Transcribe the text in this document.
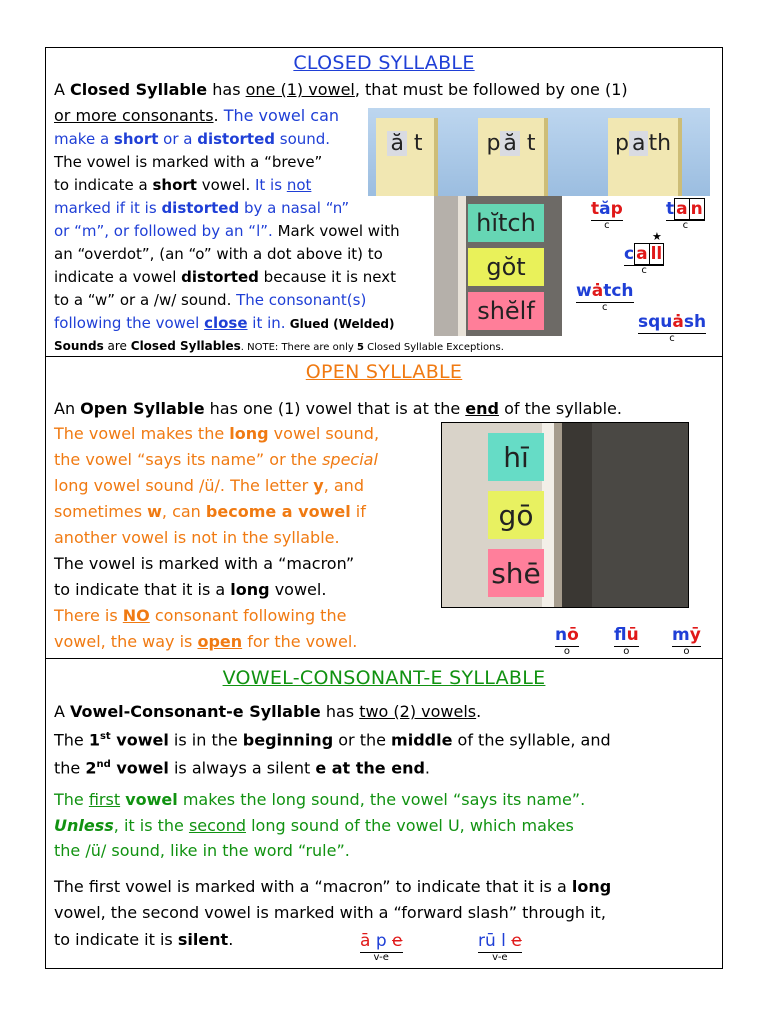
CLOSED SYLLABLE
A Closed Syllable has one (1) vowel, that must be followed by one (1)
or more consonants. The vowel can
make a short or a distorted sound.
The vowel is marked with a “breve”
to indicate a short vowel. It is not
marked if it is distorted by a nasal “n”
or “m”, or followed by an “l”. Mark vowel with
an “overdot”, (an “o” with a dot above it) to
indicate a vowel distorted because it is next
to a “w” or a /w/ sound. The consonant(s)
following the vowel close it in. Glued (Welded)
Sounds are Closed Syllables. NOTE: There are only 5 Closed Syllable Exceptions.
ă t	p ă t	p a th
hĭtch
gŏt
shĕlf
tăp
c
t a n
c
★
c a ll
c
wȧtch
c
squȧsh
c
OPEN SYLLABLE
An Open Syllable has one (1) vowel that is at the end of the syllable.
The vowel makes the long vowel sound,
the vowel “says its name” or the special
long vowel sound /ü/. The letter y, and
sometimes w, can become a vowel if
another vowel is not in the syllable.
The vowel is marked with a “macron”
to indicate that it is a long vowel.
There is NO consonant following the
vowel, the way is open for the vowel.
hī
gō
shē
nō
o
flū
o
mȳ
o
VOWEL-CONSONANT-E SYLLABLE
A Vowel-Consonant-e Syllable has two (2) vowels.
The 1st vowel is in the beginning or the middle of the syllable, and
the 2nd vowel is always a silent e at the end.
The first vowel makes the long sound, the vowel “says its name”.
Unless, it is the second long sound of the vowel U, which makes
the /ü/ sound, like in the word “rule”.
The first vowel is marked with a “macron” to indicate that it is a long
vowel, the second vowel is marked with a “forward slash” through it,
to indicate it is silent.	ā p e
v-e
rū l e
v-e
